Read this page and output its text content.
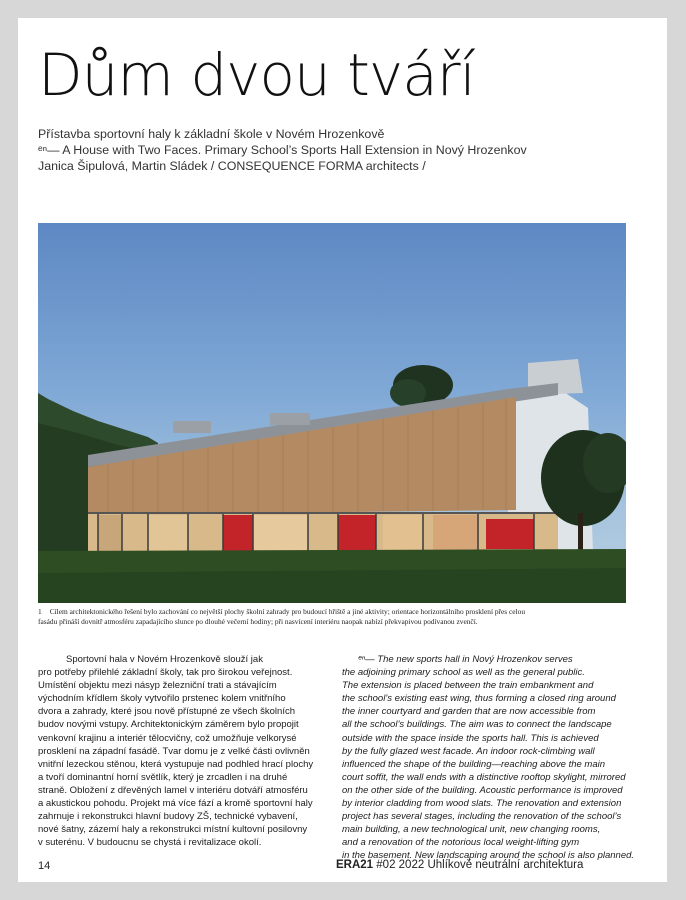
Dům dvou tváří
Přístavba sportovní haly k základní škole v Novém Hrozenkově
ᵉⁿ— A House with Two Faces. Primary School’s Sports Hall Extension in Nový Hrozenkov
Janica Šipulová, Martin Sládek / CONSEQUENCE FORMA architects /
1 Cílem architektonického řešení bylo zachování co největší plochy školní zahrady pro budoucí hřiště a jiné aktivity; orientace horizontálního prosklení přes celou
fasádu přináší dovnitř atmosféru zapadajícího slunce po dlouhé večerní hodiny; při nasvícení interiéru naopak nabízí překvapivou podívanou zvenčí.
Sportovní hala v Novém Hrozenkově slouží jak
pro potřeby přilehlé základní školy, tak pro širokou veřejnost.
Umístění objektu mezi násyp železniční trati a stávajícím
východním křídlem školy vytvořilo prstenec kolem vnitřního
dvora a zahrady, které jsou nově přístupné ze všech školních
budov novými vstupy. Architektonickým záměrem bylo propojit
venkovní krajinu a interiér tělocvičny, což umožňuje velkorysé
prosklení na západní fasádě. Tvar domu je z velké části ovlivněn
vnitřní lezeckou stěnou, která vystupuje nad podhled hrací plochy
a tvoří dominantní horní světlík, který je zrcadlen i na druhé
straně. Obložení z dřevěných lamel v interiéru dotváří atmosféru
a akustickou pohodu. Projekt má více fází a kromě sportovní haly
zahrnuje i rekonstrukci hlavní budovy ZŠ, technické vybavení,
nové šatny, zázemí haly a rekonstrukci místní kultovní posilovny
v suterénu. V budoucnu se chystá i revitalizace okolí.
ᵉⁿ— The new sports hall in Nový Hrozenkov serves
the adjoining primary school as well as the general public.
The extension is placed between the train embankment and
the school’s existing east wing, thus forming a closed ring around
the inner courtyard and garden that are now accessible from
all the school’s buildings. The aim was to connect the landscape
outside with the space inside the sports hall. This is achieved
by the fully glazed west facade. An indoor rock-climbing wall
influenced the shape of the building—reaching above the main
court soffit, the wall ends with a distinctive rooftop skylight, mirrored
on the other side of the building. Acoustic performance is improved
by interior cladding from wood slats. The renovation and extension
project has several stages, including the renovation of the school’s
main building, a new technological unit, new changing rooms,
and a renovation of the notorious local weight-lifting gym
in the basement. New landscaping around the school is also planned.
14	ERA21 #02 2022 Uhlíkově neutrální architektura
